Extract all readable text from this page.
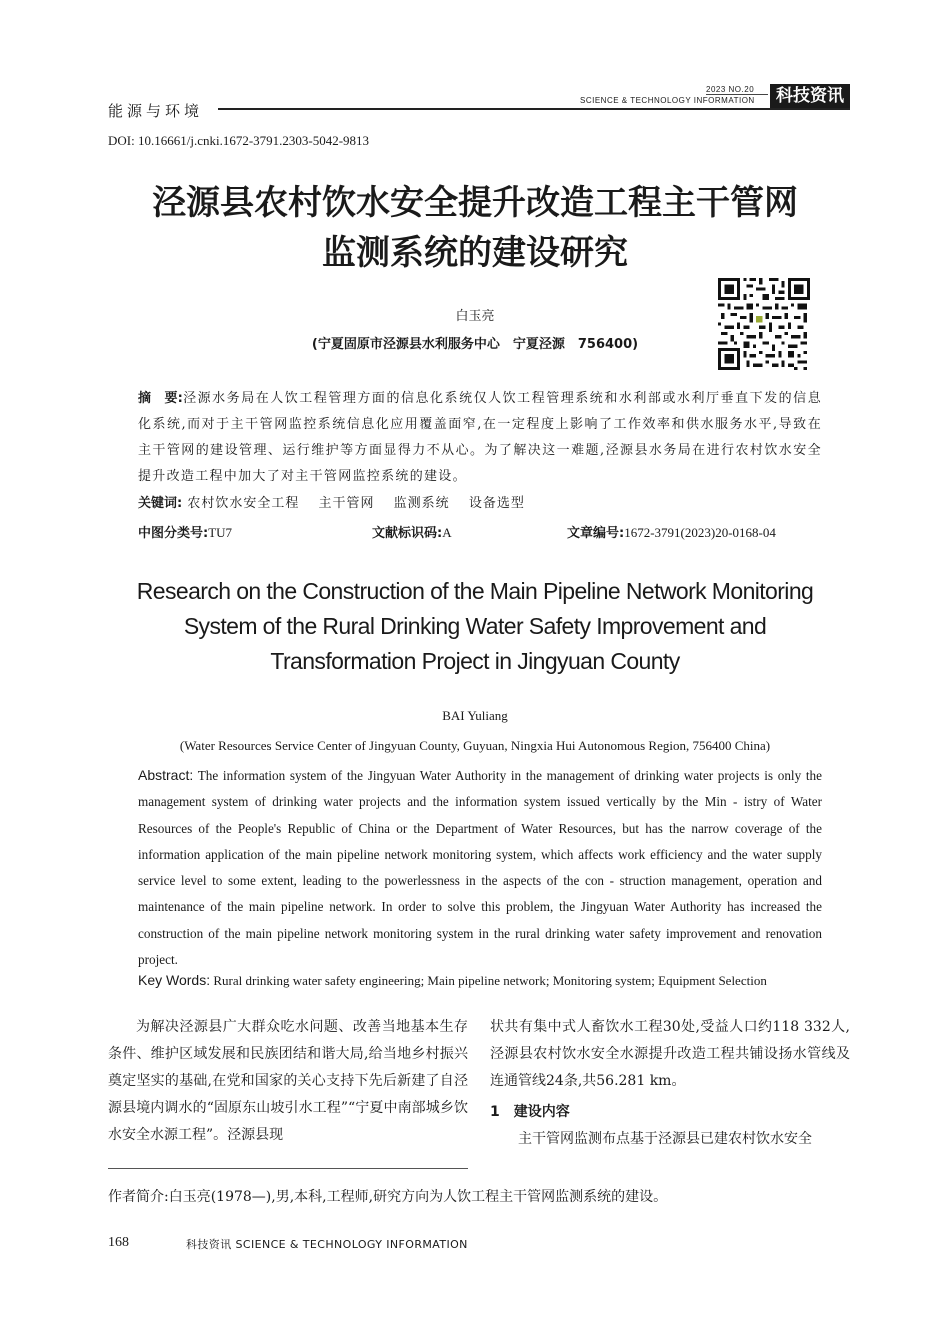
能源与环境
2023 NO.20
SCIENCE & TECHNOLOGY INFORMATION	科技资讯
DOI: 10.16661/j.cnki.1672-3791.2303-5042-9813
泾源县农村饮水安全提升改造工程主干管网
监测系统的建设研究
白玉亮
(宁夏固原市泾源县水利服务中心　宁夏泾源　756400)
摘　要:泾源水务局在人饮工程管理方面的信息化系统仅人饮工程管理系统和水利部或水利厅垂直下发的信息化系统,而对于主干管网监控系统信息化应用覆盖面窄,在一定程度上影响了工作效率和供水服务水平,导致在主干管网的建设管理、运行维护等方面显得力不从心。为了解决这一难题,泾源县水务局在进行农村饮水安全提升改造工程中加大了对主干管网监控系统的建设。
关键词: 农村饮水安全工程 主干管网 监测系统 设备选型
中图分类号:TU7	文献标识码:A	文章编号:1672-3791(2023)20-0168-04
Research on the Construction of the Main Pipeline Network Monitoring
System of the Rural Drinking Water Safety Improvement and
Transformation Project in Jingyuan County
BAI Yuliang
(Water Resources Service Center of Jingyuan County, Guyuan, Ningxia Hui Autonomous Region, 756400 China)
Abstract: The information system of the Jingyuan Water Authority in the management of drinking water projects is only the management system of drinking water projects and the information system issued vertically by the Min - istry of Water Resources of the People's Republic of China or the Department of Water Resources, but has the narrow coverage of the information application of the main pipeline network monitoring system, which affects work efficiency and the water supply service level to some extent, leading to the powerlessness in the aspects of the con - struction management, operation and maintenance of the main pipeline network. In order to solve this problem, the Jingyuan Water Authority has increased the construction of the main pipeline network monitoring system in the rural drinking water safety improvement and renovation project.
Key Words: Rural drinking water safety engineering; Main pipeline network; Monitoring system; Equipment Selection

为解决泾源县广大群众吃水问题、改善当地基本生存条件、维护区域发展和民族团结和谐大局,给当地乡村振兴奠定坚实的基础,在党和国家的关心支持下先后新建了自泾源县境内调水的“固原东山坡引水工程”“宁夏中南部城乡饮水安全水源工程”。泾源县现

状共有集中式人畜饮水工程30处,受益人口约118 332人,泾源县农村饮水安全水源提升改造工程共铺设扬水管线及连通管线24条,共56.281 km。

1　建设内容

主干管网监测布点基于泾源县已建农村饮水安全

作者简介:白玉亮(1978—),男,本科,工程师,研究方向为人饮工程主干管网监测系统的建设。
168	科技资讯 SCIENCE & TECHNOLOGY INFORMATION
